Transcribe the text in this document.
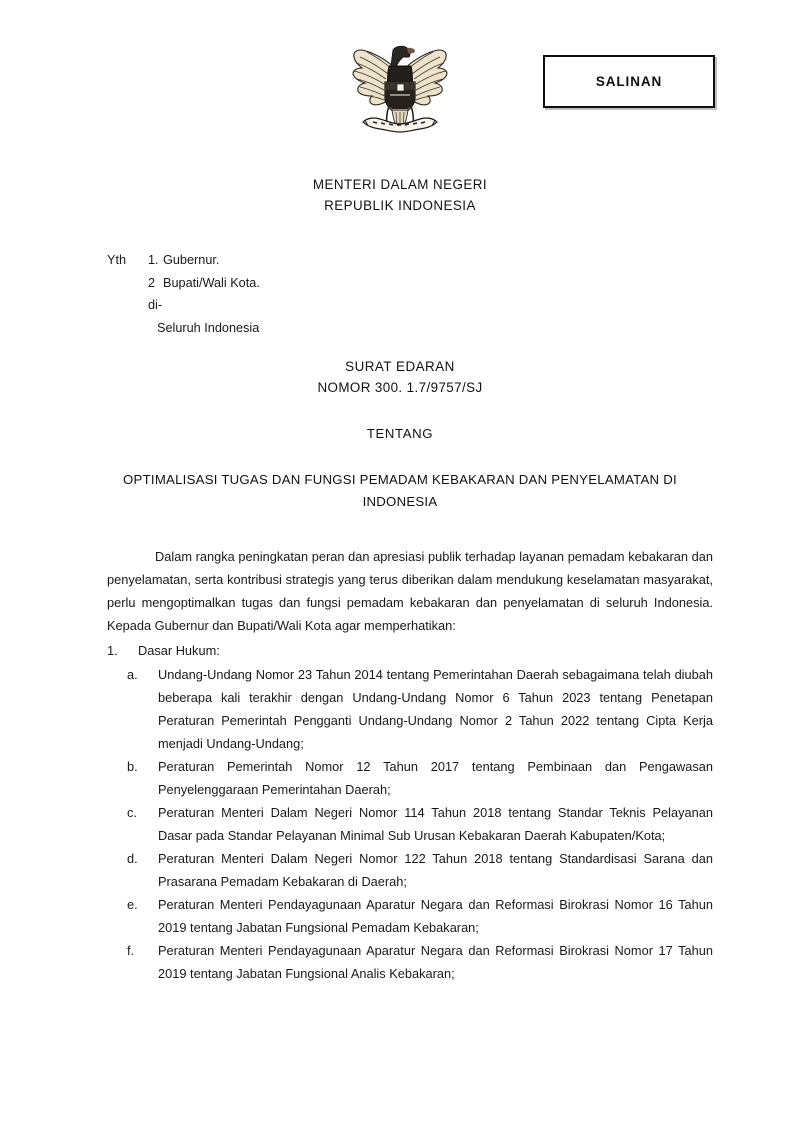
SALINAN
MENTERI DALAM NEGERI
REPUBLIK INDONESIA
Yth 1. Gubernur.
2 Bupati/Wali Kota.
di-
Seluruh Indonesia
SURAT EDARAN
NOMOR 300. 1.7/9757/SJ
TENTANG
OPTIMALISASI TUGAS DAN FUNGSI PEMADAM KEBAKARAN DAN PENYELAMATAN DI INDONESIA

Dalam rangka peningkatan peran dan apresiasi publik terhadap layanan pemadam kebakaran dan penyelamatan, serta kontribusi strategis yang terus diberikan dalam mendukung keselamatan masyarakat, perlu mengoptimalkan tugas dan fungsi pemadam kebakaran dan penyelamatan di seluruh Indonesia. Kepada Gubernur dan Bupati/Wali Kota agar memperhatikan:

1. Dasar Hukum:
a. Undang-Undang Nomor 23 Tahun 2014 tentang Pemerintahan Daerah sebagaimana telah diubah beberapa kali terakhir dengan Undang-Undang Nomor 6 Tahun 2023 tentang Penetapan Peraturan Pemerintah Pengganti Undang-Undang Nomor 2 Tahun 2022 tentang Cipta Kerja menjadi Undang-Undang;
b. Peraturan Pemerintah Nomor 12 Tahun 2017 tentang Pembinaan dan Pengawasan Penyelenggaraan Pemerintahan Daerah;
c. Peraturan Menteri Dalam Negeri Nomor 114 Tahun 2018 tentang Standar Teknis Pelayanan Dasar pada Standar Pelayanan Minimal Sub Urusan Kebakaran Daerah Kabupaten/Kota;
d. Peraturan Menteri Dalam Negeri Nomor 122 Tahun 2018 tentang Standardisasi Sarana dan Prasarana Pemadam Kebakaran di Daerah;
e. Peraturan Menteri Pendayagunaan Aparatur Negara dan Reformasi Birokrasi Nomor 16 Tahun 2019 tentang Jabatan Fungsional Pemadam Kebakaran;
f. Peraturan Menteri Pendayagunaan Aparatur Negara dan Reformasi Birokrasi Nomor 17 Tahun 2019 tentang Jabatan Fungsional Analis Kebakaran;
